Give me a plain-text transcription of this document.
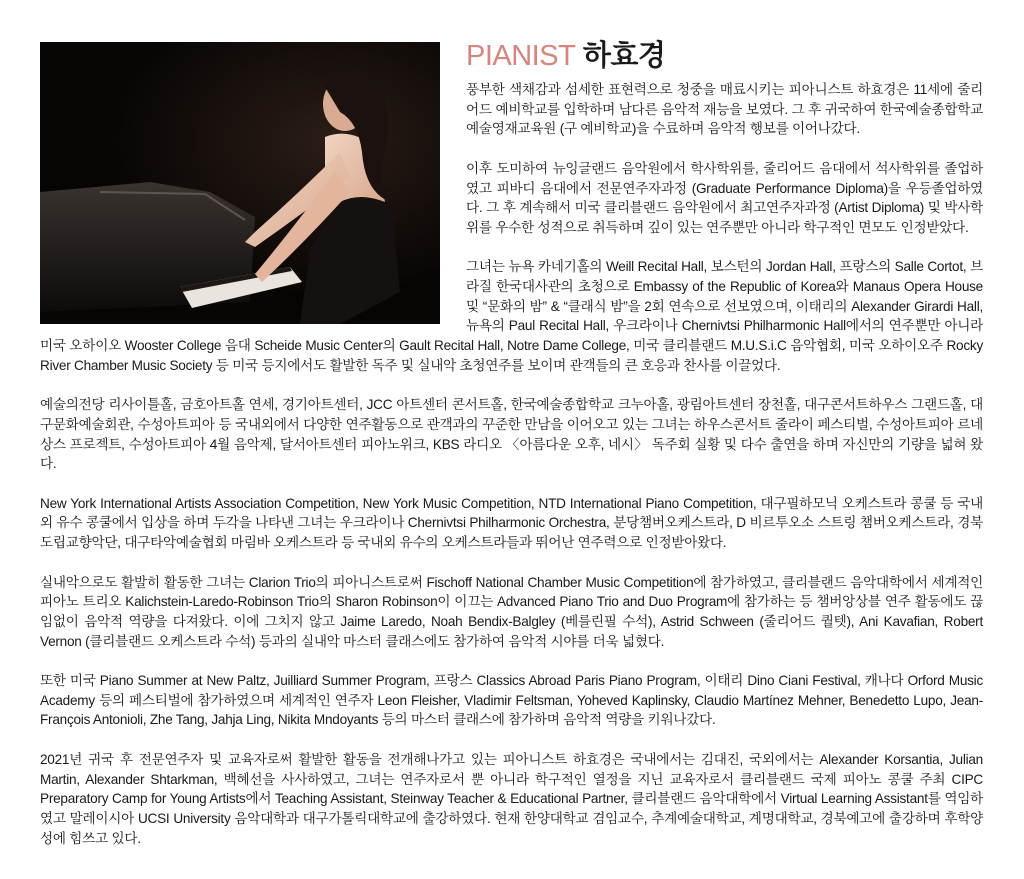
PIANIST 하효경

풍부한 색채감과 섬세한 표현력으로 청중을 매료시키는 피아니스트 하효경은 11세에 줄리어드 예비학교를 입학하며 남다른 음악적 재능을 보였다. 그 후 귀국하여 한국예술종합학교 예술영재교육원 (구 예비학교)을 수료하며 음악적 행보를 이어나갔다.

이후 도미하여 뉴잉글랜드 음악원에서 학사학위를, 줄리어드 음대에서 석사학위를 졸업하였고 피바디 음대에서 전문연주자과정 (Graduate Performance Diploma)을 우등졸업하였다. 그 후 계속해서 미국 클리블랜드 음악원에서 최고연주자과정 (Artist Diploma) 및 박사학위를 우수한 성적으로 취득하며 깊이 있는 연주뿐만 아니라 학구적인 면모도 인정받았다.

그녀는 뉴욕 카네기홀의 Weill Recital Hall, 보스턴의 Jordan Hall, 프랑스의 Salle Cortot, 브라질 한국대사관의 초청으로 Embassy of the Republic of Korea와 Manaus Opera House 및 “문화의 밤” & “클래식 밤”을 2회 연속으로 선보였으며, 이태리의 Alexander Girardi Hall, 뉴욕의 Paul Recital Hall, 우크라이나 Chernivtsi Philharmonic Hall에서의 연주뿐만 아니라 미국 오하이오 Wooster College 음대 Scheide Music Center의 Gault Recital Hall, Notre Dame College, 미국 클리블랜드 M.U.S.i.C 음악협회, 미국 오하이오주 Rocky River Chamber Music Society 등 미국 등지에서도 활발한 독주 및 실내악 초청연주를 보이며 관객들의 큰 호응과 찬사를 이끌었다.

예술의전당 리사이틀홀, 금호아트홀 연세, 경기아트센터, JCC 아트센터 콘서트홀, 한국예술종합학교 크누아홀, 광림아트센터 장천홀, 대구콘서트하우스 그랜드홀, 대구문화예술회관, 수성아트피아 등 국내외에서 다양한 연주활동으로 관객과의 꾸준한 만남을 이어오고 있는 그녀는 하우스콘서트 줄라이 페스티벌, 수성아트피아 르네상스 프로젝트, 수성아트피아 4월 음악제, 달서아트센터 피아노위크, KBS 라디오 〈아름다운 오후, 네시〉 독주회 실황 및 다수 출연을 하며 자신만의 기량을 넓혀 왔다.

New York International Artists Association Competition, New York Music Competition, NTD International Piano Competition, 대구필하모닉 오케스트라 콩쿨 등 국내외 유수 콩쿨에서 입상을 하며 두각을 나타낸 그녀는 우크라이나 Chernivtsi Philharmonic Orchestra, 분당챔버오케스트라, D 비르투오소 스트링 챔버오케스트라, 경북도립교향악단, 대구타악예술협회 마림바 오케스트라 등 국내외 유수의 오케스트라들과 뛰어난 연주력으로 인정받아왔다.

실내악으로도 활발히 활동한 그녀는 Clarion Trio의 피아니스트로써 Fischoff National Chamber Music Competition에 참가하였고, 클리블랜드 음악대학에서 세계적인 피아노 트리오 Kalichstein-Laredo-Robinson Trio의 Sharon Robinson이 이끄는 Advanced Piano Trio and Duo Program에 참가하는 등 챔버앙상블 연주 활동에도 끊임없이 음악적 역량을 다져왔다. 이에 그치지 않고 Jaime Laredo, Noah Bendix-Balgley (베를린필 수석), Astrid Schween (줄리어드 퀄텟), Ani Kavafian, Robert Vernon (클리블랜드 오케스트라 수석) 등과의 실내악 마스터 클래스에도 참가하여 음악적 시야를 더욱 넓혔다.

또한 미국 Piano Summer at New Paltz, Juilliard Summer Program, 프랑스 Classics Abroad Paris Piano Program, 이태리 Dino Ciani Festival, 캐나다 Orford Music Academy 등의 페스티벌에 참가하였으며 세계적인 연주자 Leon Fleisher, Vladimir Feltsman, Yoheved Kaplinsky, Claudio Martínez Mehner, Benedetto Lupo, Jean-François Antonioli, Zhe Tang, Jahja Ling, Nikita Mndoyants 등의 마스터 클래스에 참가하며 음악적 역량을 키워나갔다.

2021년 귀국 후 전문연주자 및 교육자로써 활발한 활동을 전개해나가고 있는 피아니스트 하효경은 국내에서는 김대진, 국외에서는 Alexander Korsantia, Julian Martin, Alexander Shtarkman, 백혜선을 사사하였고, 그녀는 연주자로서 뿐 아니라 학구적인 열정을 지닌 교육자로서 클리블랜드 국제 피아노 콩쿨 주최 CIPC Preparatory Camp for Young Artists에서 Teaching Assistant, Steinway Teacher & Educational Partner, 클리블랜드 음악대학에서 Virtual Learning Assistant를 역임하였고 말레이시아 UCSI University 음악대학과 대구가톨릭대학교에 출강하였다. 현재 한양대학교 겸임교수, 추계예술대학교, 계명대학교, 경북예고에 출강하며 후학양성에 힘쓰고 있다.
